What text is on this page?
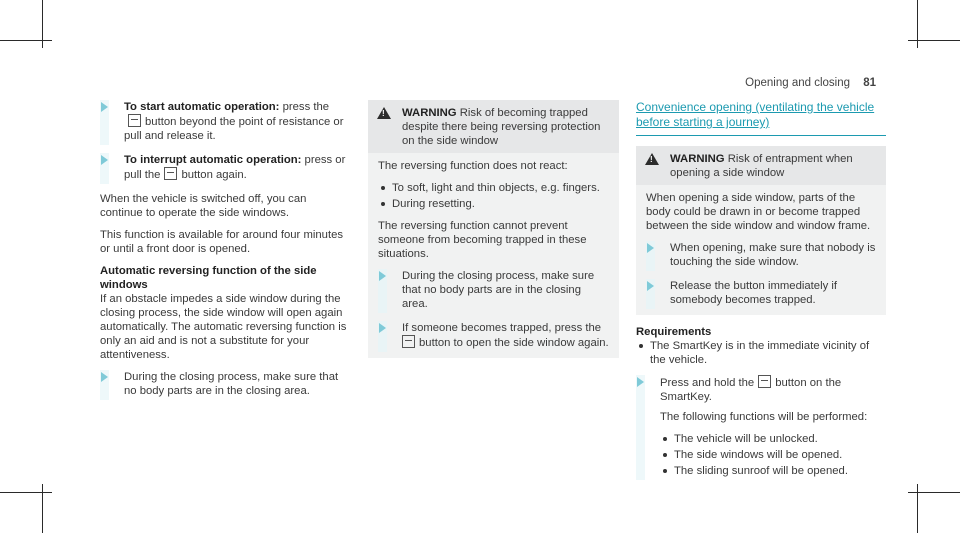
Opening and closing 81
To start automatic operation: press thebutton beyond the point of resistance or pull and release it.
To interrupt automatic operation: press or pull the button again.

When the vehicle is switched off, you can continue to operate the side windows.

This function is available for around four minutes or until a front door is opened.

Automatic reversing function of the side windows

If an obstacle impedes a side window during the closing process, the side window will open again automatically. The automatic reversing function is only an aid and is not a substitute for your attentiveness.

During the closing process, make sure that no body parts are in the closing area.
!
WARNING Risk of becoming trapped despite there being reversing protection on the side window

The reversing function does not react:

To soft, light and thin objects, e.g. fingers.
During resetting.

The reversing function cannot prevent someone from becoming trapped in these situations.

During the closing process, make sure that no body parts are in the closing area.
If someone becomes trapped, press the
button to open the side window again.
Convenience opening (ventilating the vehicle before starting a journey)
!
WARNING Risk of entrapment when opening a side window

When opening a side window, parts of the body could be drawn in or become trapped between the side window and window frame.

When opening, make sure that nobody is touching the side window.
Release the button immediately if somebody becomes trapped.
Requirements
The SmartKey is in the immediate vicinity of the vehicle.
Press and hold the button on the SmartKey.

The following functions will be performed:

The vehicle will be unlocked.
The side windows will be opened.
The sliding sunroof will be opened.
